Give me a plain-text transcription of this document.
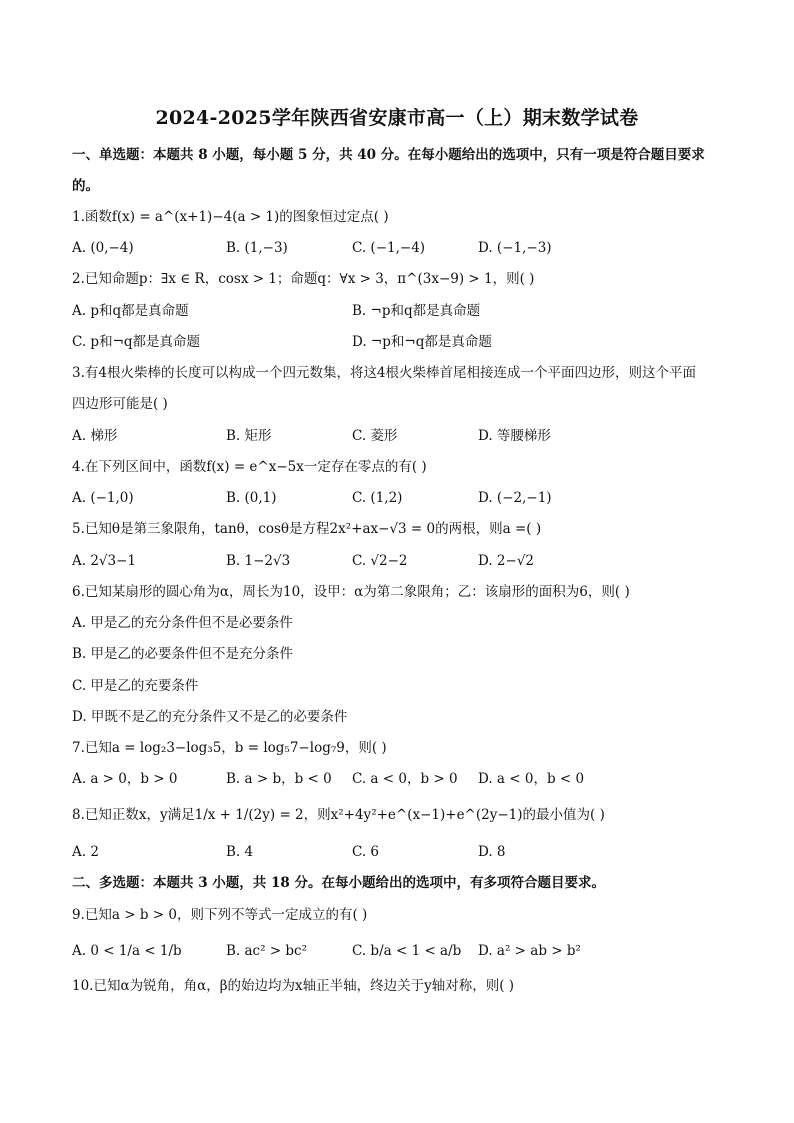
2024-2025学年陕西省安康市高一（上）期末数学试卷
一、单选题：本题共 8 小题，每小题 5 分，共 40 分。在每小题给出的选项中，只有一项是符合题目要求
的。
1.函数f(x) = a^(x+1)−4(a > 1)的图象恒过定点( )
A. (0,−4)	B. (1,−3)	C. (−1,−4)	D. (−1,−3)
2.已知命题p：∃x ∈ R，cosx > 1；命题q：∀x > 3，π^(3x−9) > 1，则( )
A. p和q都是真命题	B. ¬p和q都是真命题
C. p和¬q都是真命题	D. ¬p和¬q都是真命题
3.有4根火柴棒的长度可以构成一个四元数集，将这4根火柴棒首尾相接连成一个平面四边形，则这个平面
四边形可能是( )
A. 梯形	B. 矩形	C. 菱形	D. 等腰梯形
4.在下列区间中，函数f(x) = e^x−5x一定存在零点的有( )
A. (−1,0)	B. (0,1)	C. (1,2)	D. (−2,−1)
5.已知θ是第三象限角，tanθ，cosθ是方程2x²+ax−√3 = 0的两根，则a =( )
A. 2√3−1	B. 1−2√3	C. √2−2	D. 2−√2
6.已知某扇形的圆心角为α，周长为10，设甲：α为第二象限角；乙：该扇形的面积为6，则( )
A. 甲是乙的充分条件但不是必要条件
B. 甲是乙的必要条件但不是充分条件
C. 甲是乙的充要条件
D. 甲既不是乙的充分条件又不是乙的必要条件
7.已知a = log₂3−log₃5，b = log₅7−log₇9，则( )
A. a > 0，b > 0	B. a > b，b < 0 C. a < 0，b > 0 D. a < 0，b < 0
8.已知正数x，y满足1/x + 1/(2y) = 2，则x²+4y²+e^(x−1)+e^(2y−1)的最小值为( )
A. 2	B. 4	C. 6	D. 8
二、多选题：本题共 3 小题，共 18 分。在每小题给出的选项中，有多项符合题目要求。
9.已知a > b > 0，则下列不等式一定成立的有( )
A. 0 < 1/a < 1/b	B. ac² > bc²	C. b/a < 1 < a/b D. a² > ab > b²
10.已知α为锐角，角α，β的始边均为x轴正半轴，终边关于y轴对称，则( )
